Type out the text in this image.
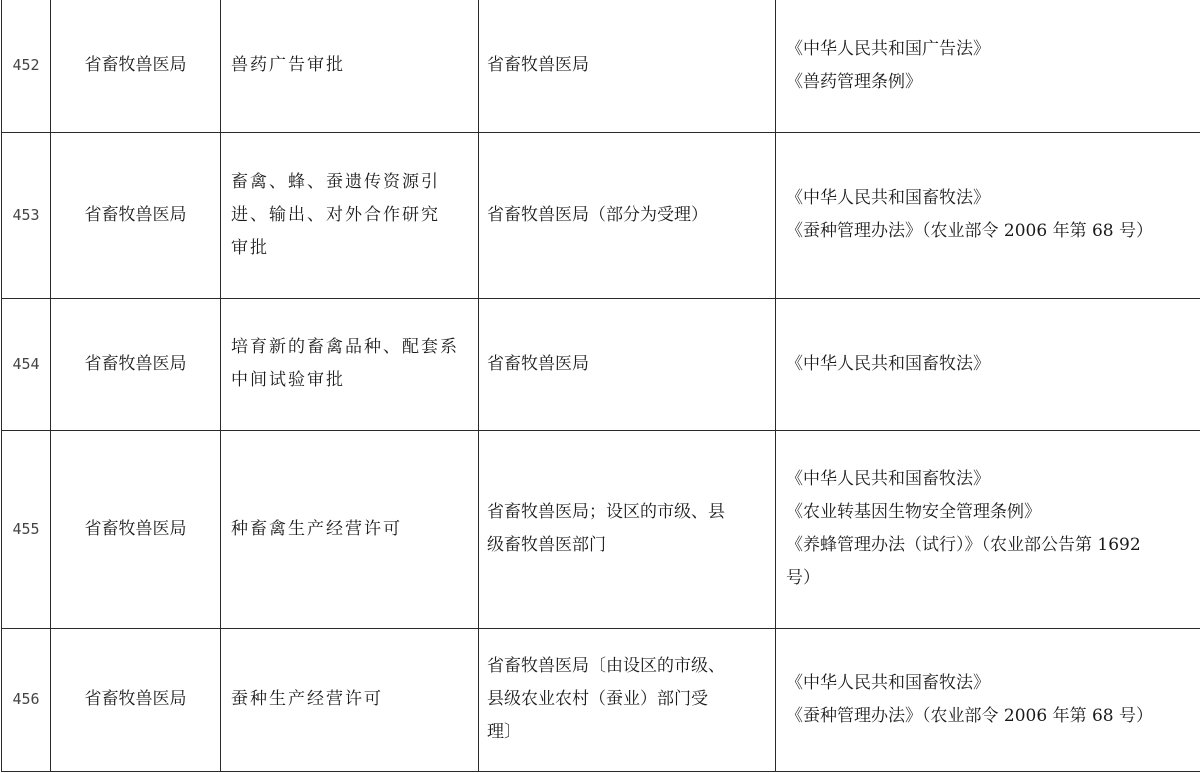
452	省畜牧兽医局	兽药广告审批	省畜牧兽医局	《中华人民共和国广告法》
《兽药管理条例》

453	省畜牧兽医局	畜禽、蜂、蚕遗传资源引
进、输出、对外合作研究
审批	省畜牧兽医局（部分为受理）	《中华人民共和国畜牧法》
《蚕种管理办法》（农业部令 2006 年第 68 号）

454	省畜牧兽医局	培育新的畜禽品种、配套系
中间试验审批	省畜牧兽医局	《中华人民共和国畜牧法》

455	省畜牧兽医局	种畜禽生产经营许可	省畜牧兽医局；设区的市级、县
级畜牧兽医部门	《中华人民共和国畜牧法》
《农业转基因生物安全管理条例》
《养蜂管理办法（试行）》（农业部公告第 1692
号）

456	省畜牧兽医局	蚕种生产经营许可	省畜牧兽医局〔由设区的市级、
县级农业农村（蚕业）部门受
理〕	《中华人民共和国畜牧法》
《蚕种管理办法》（农业部令 2006 年第 68 号）
